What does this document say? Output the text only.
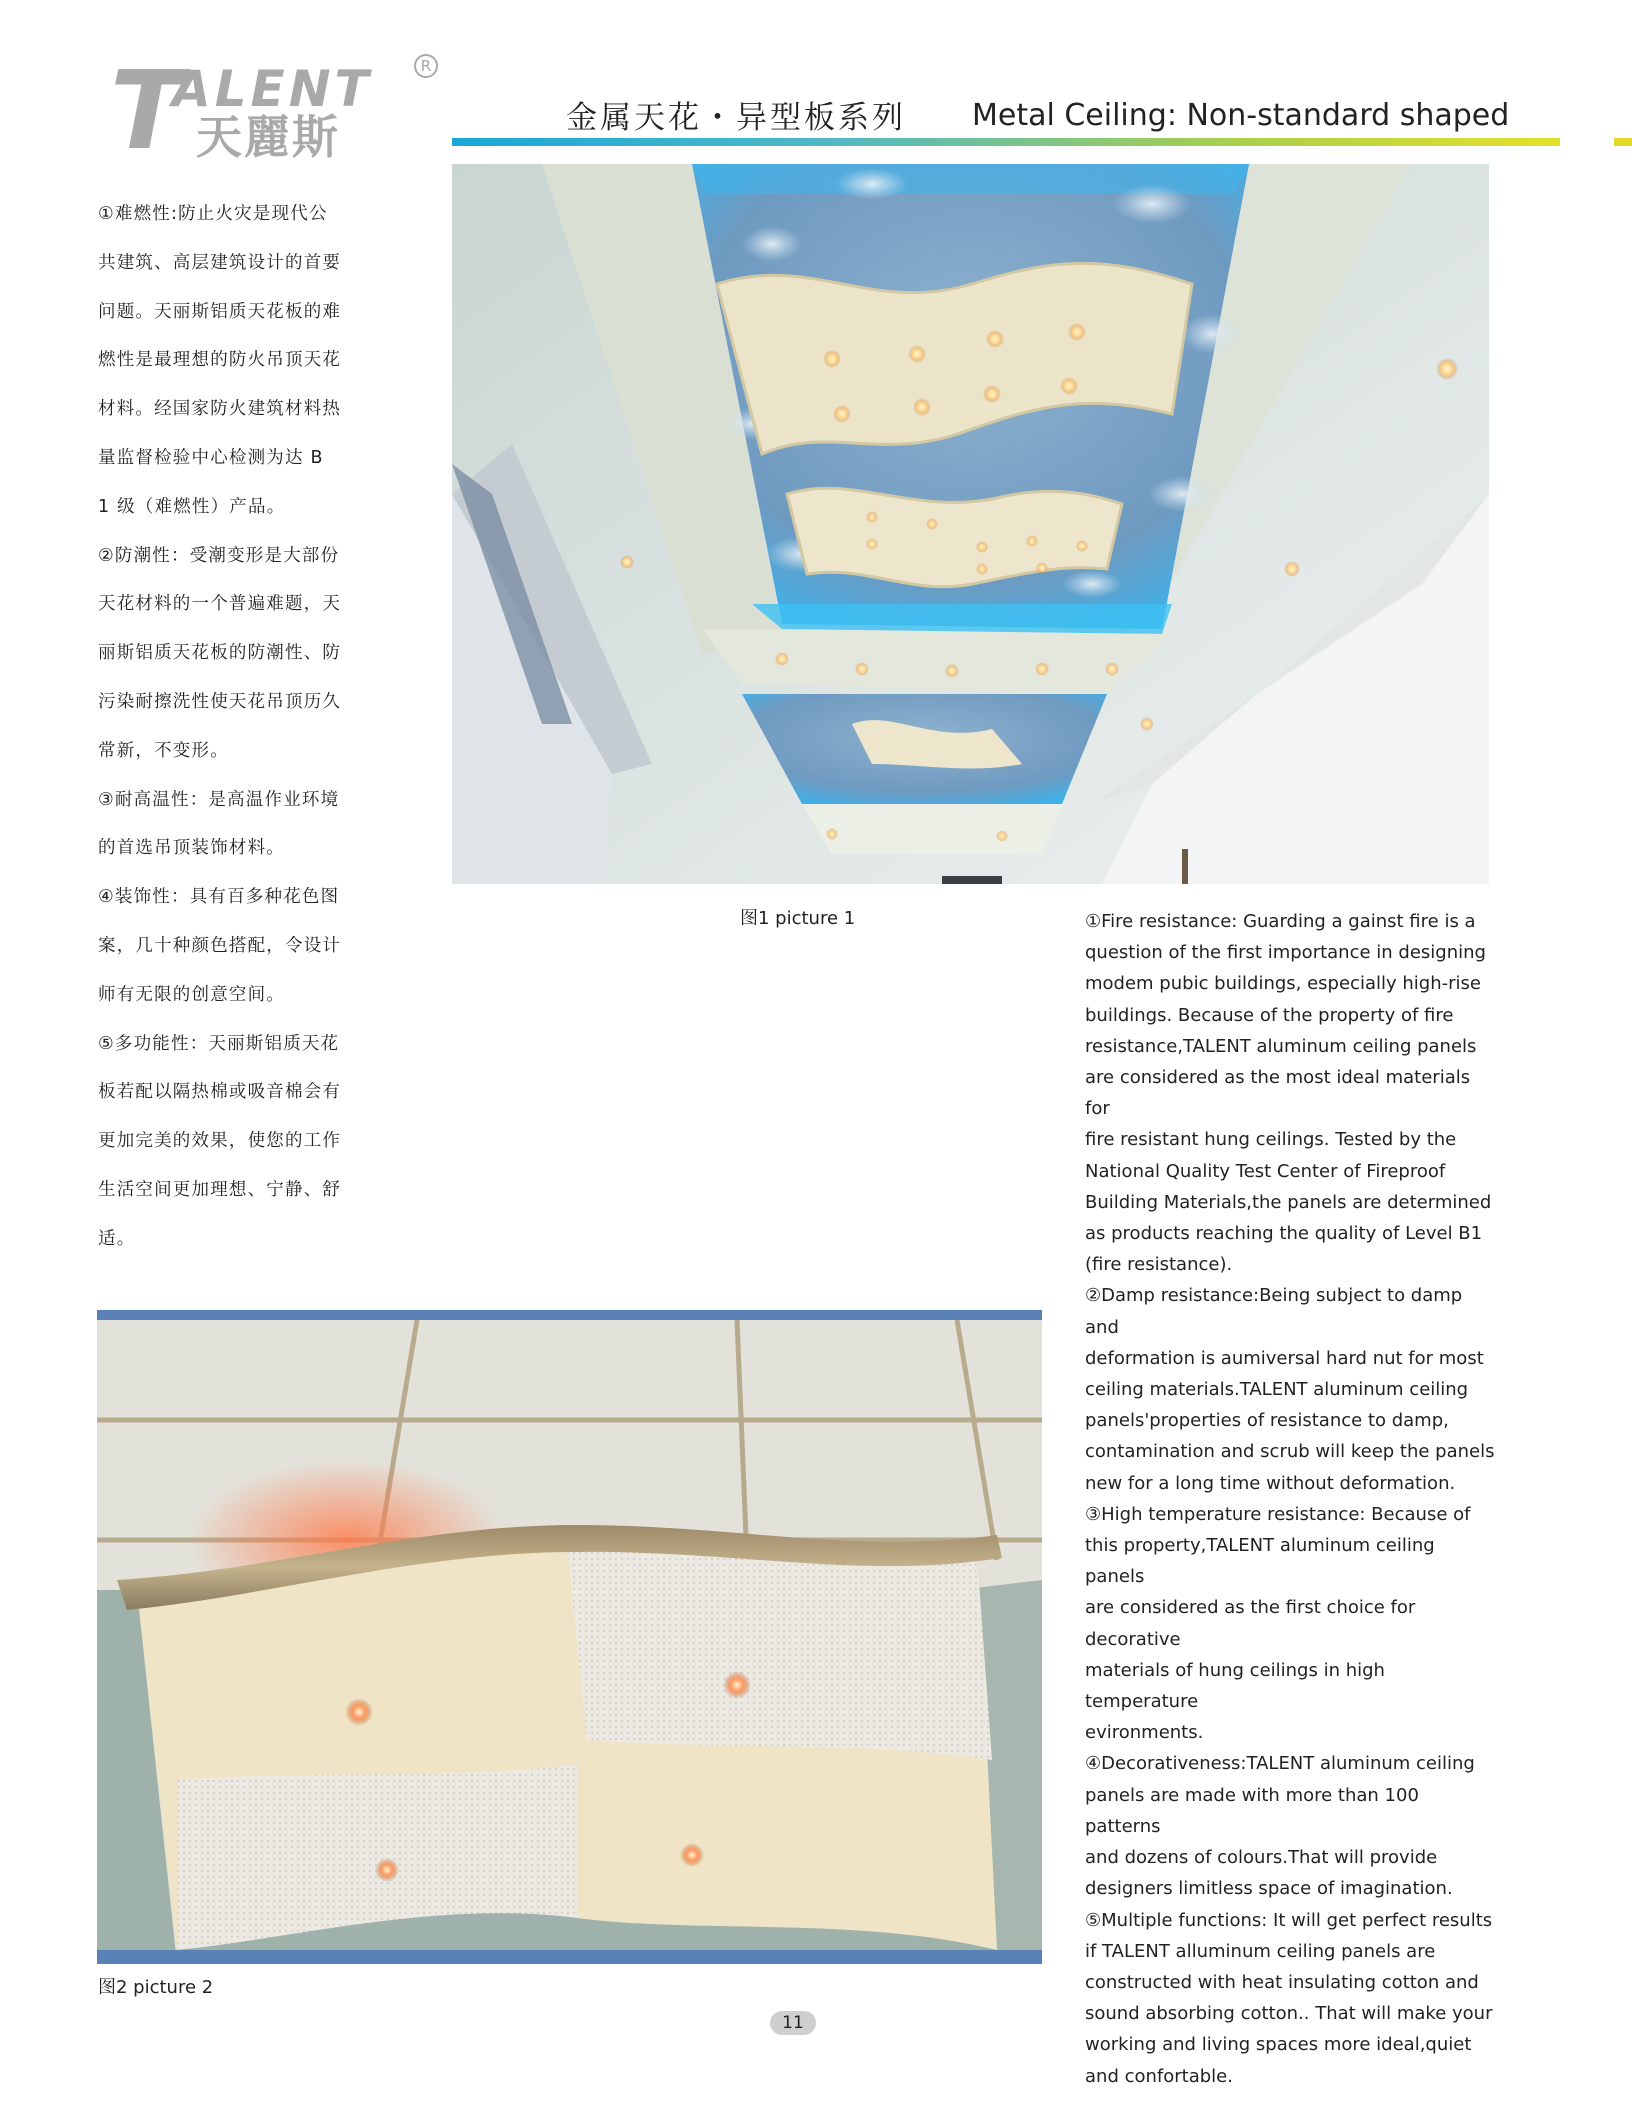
T
ALENT
天麗斯
R
金属天花・异型板系列 Metal Ceiling: Non-standard shaped

①难燃性:防止火灾是现代公

共建筑、高层建筑设计的首要

问题。天丽斯铝质天花板的难

燃性是最理想的防火吊顶天花

材料。经国家防火建筑材料热

量监督检验中心检测为达 B

1 级（难燃性）产品。

②防潮性：受潮变形是大部份

天花材料的一个普遍难题，天

丽斯铝质天花板的防潮性、防

污染耐擦洗性使天花吊顶历久

常新，不变形。

③耐高温性：是高温作业环境

的首选吊顶装饰材料。

④装饰性：具有百多种花色图

案，几十种颜色搭配，令设计

师有无限的创意空间。

⑤多功能性：天丽斯铝质天花

板若配以隔热棉或吸音棉会有

更加完美的效果，使您的工作

生活空间更加理想、宁静、舒

适。

图1 picture 1
图2 picture 2

①Fire resistance: Guarding a gainst fire is a

question of the first importance in designing

modem pubic buildings, especially high-rise

buildings. Because of the property of fire

resistance,TALENT aluminum ceiling panels

are considered as the most ideal materials for

fire resistant hung ceilings. Tested by the

National Quality Test Center of Fireproof

Building Materials,the panels are determined

as products reaching the quality of Level B1

(fire resistance).

②Damp resistance:Being subject to damp and

deformation is aumiversal hard nut for most

ceiling materials.TALENT aluminum ceiling

panels'properties of resistance to damp,

contamination and scrub will keep the panels

new for a long time without deformation.

③High temperature resistance: Because of

this property,TALENT aluminum ceiling panels

are considered as the first choice for decorative

materials of hung ceilings in high temperature

evironments.

④Decorativeness:TALENT aluminum ceiling

panels are made with more than 100 patterns

and dozens of colours.That will provide

designers limitless space of imagination.

⑤Multiple functions: It will get perfect results

if TALENT alluminum ceiling panels are

constructed with heat insulating cotton and

sound absorbing cotton.. That will make your

working and living spaces more ideal,quiet

and confortable.

11
